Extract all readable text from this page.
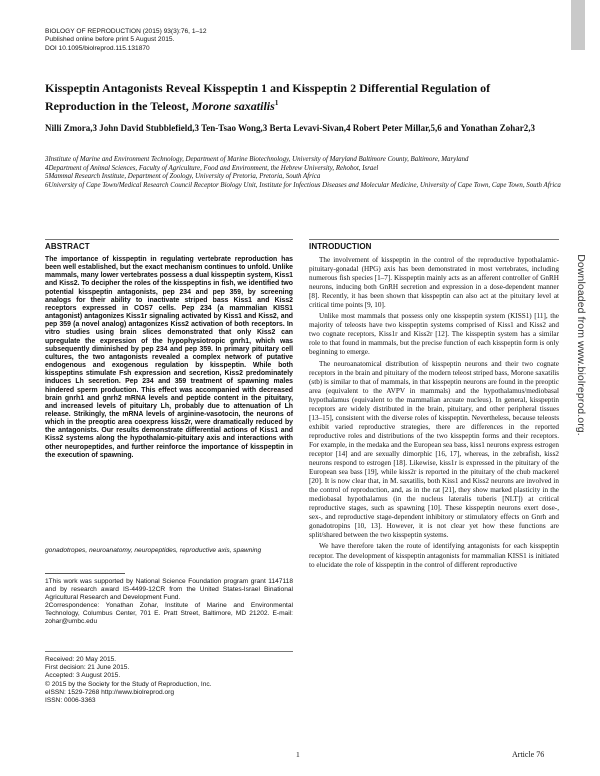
BIOLOGY OF REPRODUCTION (2015) 93(3):76, 1–12
Published online before print 5 August 2015.
DOI 10.1095/biolreprod.115.131870
Kisspeptin Antagonists Reveal Kisspeptin 1 and Kisspeptin 2 Differential Regulation of Reproduction in the Teleost, Morone saxatilis$^1$
Nilli Zmora,3 John David Stubblefield,3 Ten-Tsao Wong,3 Berta Levavi-Sivan,4 Robert Peter Millar,5,6 and Yonathan Zohar2,3
3Institute of Marine and Environment Technology, Department of Marine Biotechnology, University of Maryland Baltimore County, Baltimore, Maryland
4Department of Animal Sciences, Faculty of Agriculture, Food and Environment, the Hebrew University, Rehobot, Israel
5Mammal Research Institute, Department of Zoology, University of Pretoria, Pretoria, South Africa
6University of Cape Town/Medical Research Council Receptor Biology Unit, Institute for Infectious Diseases and Molecular Medicine, University of Cape Town, Cape Town, South Africa
Downloaded from www.biolreprod.org.
ABSTRACT
The importance of kisspeptin in regulating vertebrate reproduction has been well established, but the exact mechanism continues to unfold. Unlike mammals, many lower vertebrates possess a dual kisspeptin system, Kiss1 and Kiss2. To decipher the roles of the kisspeptins in fish, we identified two potential kisspeptin antagonists, pep 234 and pep 359, by screening analogs for their ability to inactivate striped bass Kiss1 and Kiss2 receptors expressed in COS7 cells. Pep 234 (a mammalian KISS1 antagonist) antagonizes Kiss1r signaling activated by Kiss1 and Kiss2, and pep 359 (a novel analog) antagonizes Kiss2 activation of both receptors. In vitro studies using brain slices demonstrated that only Kiss2 can upregulate the expression of the hypophysiotropic gnrh1, which was subsequently diminished by pep 234 and pep 359. In primary pituitary cell cultures, the two antagonists revealed a complex network of putative endogenous and exogenous regulation by kisspeptin. While both kisspeptins stimulate Fsh expression and secretion, Kiss2 predominately induces Lh secretion. Pep 234 and 359 treatment of spawning males hindered sperm production. This effect was accompanied with decreased brain gnrh1 and gnrh2 mRNA levels and peptide content in the pituitary, and increased levels of pituitary Lh, probably due to attenuation of Lh release. Strikingly, the mRNA levels of arginine-vasotocin, the neurons of which in the preoptic area coexpress kiss2r, were dramatically reduced by the antagonists. Our results demonstrate differential actions of Kiss1 and Kiss2 systems along the hypothalamic-pituitary axis and interactions with other neuropeptides, and further reinforce the importance of kisspeptin in the execution of spawning.
gonadotropes, neuroanatomy, neuropeptides, reproductive axis, spawning

1This work was supported by National Science Foundation program grant 1147118 and by research award IS-4499-12CR from the United States-Israel Binational Agricultural Research and Development Fund.

2Correspondence: Yonathan Zohar, Institute of Marine and Environmental Technology, Columbus Center, 701 E. Pratt Street, Baltimore, MD 21202. E-mail: zohar@umbc.edu

Received: 20 May 2015.
First decision: 21 June 2015.
Accepted: 3 August 2015.
© 2015 by the Society for the Study of Reproduction, Inc.
eISSN: 1529-7268 http://www.biolreprod.org
ISSN: 0006-3363
INTRODUCTION

The involvement of kisspeptin in the control of the reproductive hypothalamic-pituitary-gonadal (HPG) axis has been demonstrated in most vertebrates, including numerous fish species [1–7]. Kisspeptin mainly acts as an afferent controller of GnRH neurons, inducing both GnRH secretion and expression in a dose-dependent manner [8]. Recently, it has been shown that kisspeptin can also act at the pituitary level at critical time points [9, 10].

Unlike most mammals that possess only one kisspeptin system (KISS1) [11], the majority of teleosts have two kisspeptin systems comprised of Kiss1 and Kiss2 and two cognate receptors, Kiss1r and Kiss2r [12]. The kisspeptin system has a similar role to that found in mammals, but the precise function of each kisspeptin form is only beginning to emerge.

The neuroanatomical distribution of kisspeptin neurons and their two cognate receptors in the brain and pituitary of the modern teleost striped bass, Morone saxatilis (stb) is similar to that of mammals, in that kisspeptin neurons are found in the preoptic area (equivalent to the AVPV in mammals) and the hypothalamus/mediobasal hypothalamus (equivalent to the mammalian arcuate nucleus). In general, kisspeptin receptors are widely distributed in the brain, pituitary, and other peripheral tissues [13–15], consistent with the diverse roles of kisspeptin. Nevertheless, because teleosts exhibit varied reproductive strategies, there are differences in the reported reproductive roles and distributions of the two kisspeptin forms and their receptors. For example, in the medaka and the European sea bass, kiss1 neurons express estrogen receptor [14] and are sexually dimorphic [16, 17], whereas, in the zebrafish, kiss2 neurons respond to estrogen [18]. Likewise, kiss1r is expressed in the pituitary of the European sea bass [19], while kiss2r is reported in the pituitary of the chub mackerel [20]. It is now clear that, in M. saxatilis, both Kiss1 and Kiss2 neurons are involved in the control of reproduction, and, as in the rat [21], they show marked plasticity in the mediobasal hypothalamus (in the nucleus lateralis tuberis [NLT]) at critical reproductive stages, such as spawning [10]. These kisspeptin neurons exert dose-, sex-, and reproductive stage-dependent inhibitory or stimulatory effects on Gnrh and gonadotropins [10, 13]. However, it is not clear yet how these functions are split/shared between the two kisspeptin systems.

We have therefore taken the route of identifying antagonists for each kisspeptin receptor. The development of kisspeptin antagonists for mammalian KISS1 is initiated to elucidate the role of kisspeptin in the control of different reproductive

1	Article 76
